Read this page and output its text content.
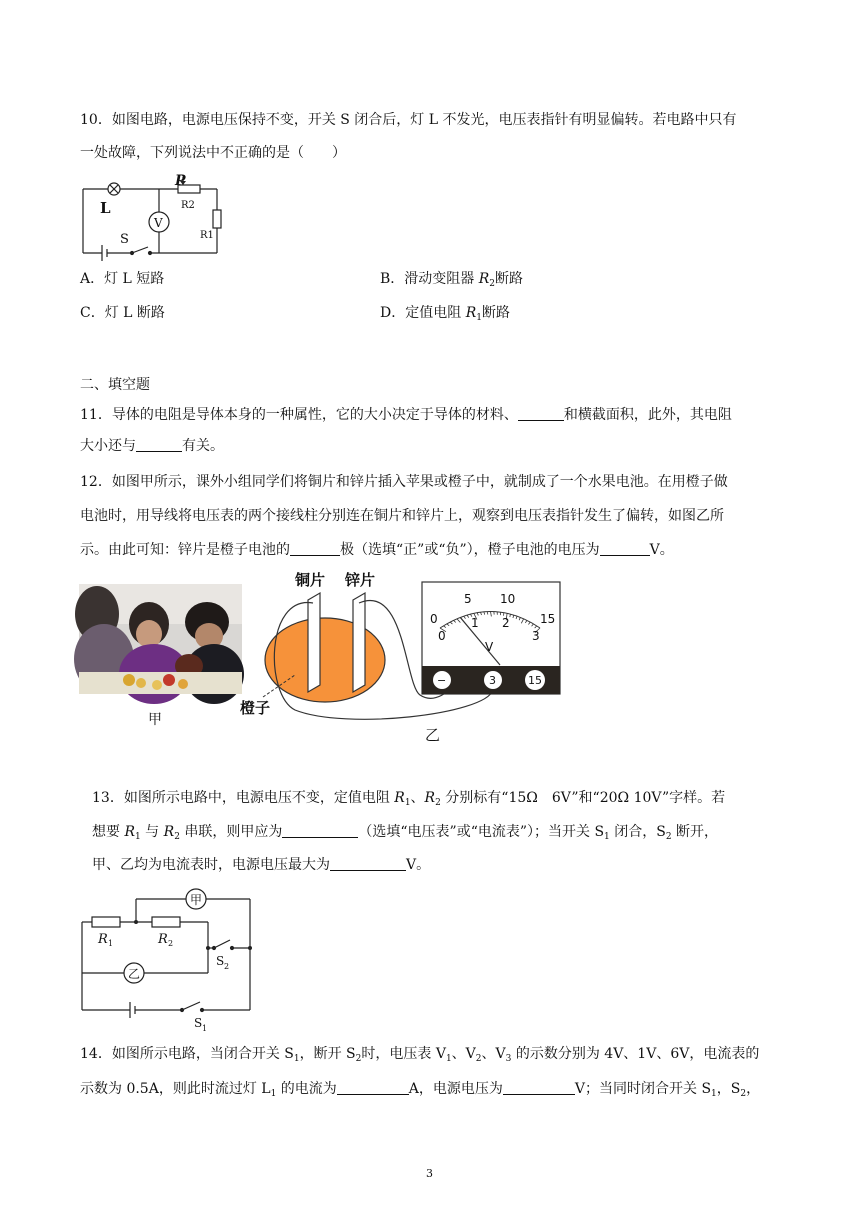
10．如图电路，电源电压保持不变，开关 S 闭合后，灯 L 不发光，电压表指针有明显偏转。若电路中只有
一处故障，下列说法中不正确的是（　　）
L
S
P
V
R2
R1
A．灯 L 短路	B．滑动变阻器 $R_2$断路
C．灯 L 断路	D．定值电阻 $R_1$断路
二、填空题
11．导体的电阻是导体本身的一种属性，它的大小决定于导体的材料、	和横截面积，此外，其电阻
大小还与	有关。
12．如图甲所示，课外小组同学们将铜片和锌片插入苹果或橙子中，就制成了一个水果电池。在用橙子做
电池时，用导线将电压表的两个接线柱分别连在铜片和锌片上，观察到电压表指针发生了偏转，如图乙所
示。由此可知：锌片是橙子电池的	极（选填“正”或“负”），橙子电池的电压为	V。
甲
0
5 10
15
0
1 2
3
V
−	3	15
铜片 锌片
橙子
乙
13．如图所示电路中，电源电压不变，定值电阻 $R_1$、$R_2$ 分别标有“15Ω　6V”和“20Ω 10V”字样。若
想要 $R_1$ 与 $R_2$ 串联，则甲应为	（选填“电压表”或“电流表”）；当开关 $S_1$ 闭合，$S_2$ 断开，
甲、乙均为电流表时，电源电压最大为	V。
甲
乙
R 1	R 2
S 2
S 1
14．如图所示电路，当闭合开关 $S_1$，断开 $S_2$时，电压表 $V_1$、$V_2$、$V_3$ 的示数分别为 4V、1V、6V，电流表的
示数为 0.5A，则此时流过灯 $L_1$ 的电流为	A，电源电压为	V；当同时闭合开关 $S_1$，$S_2$，
3
